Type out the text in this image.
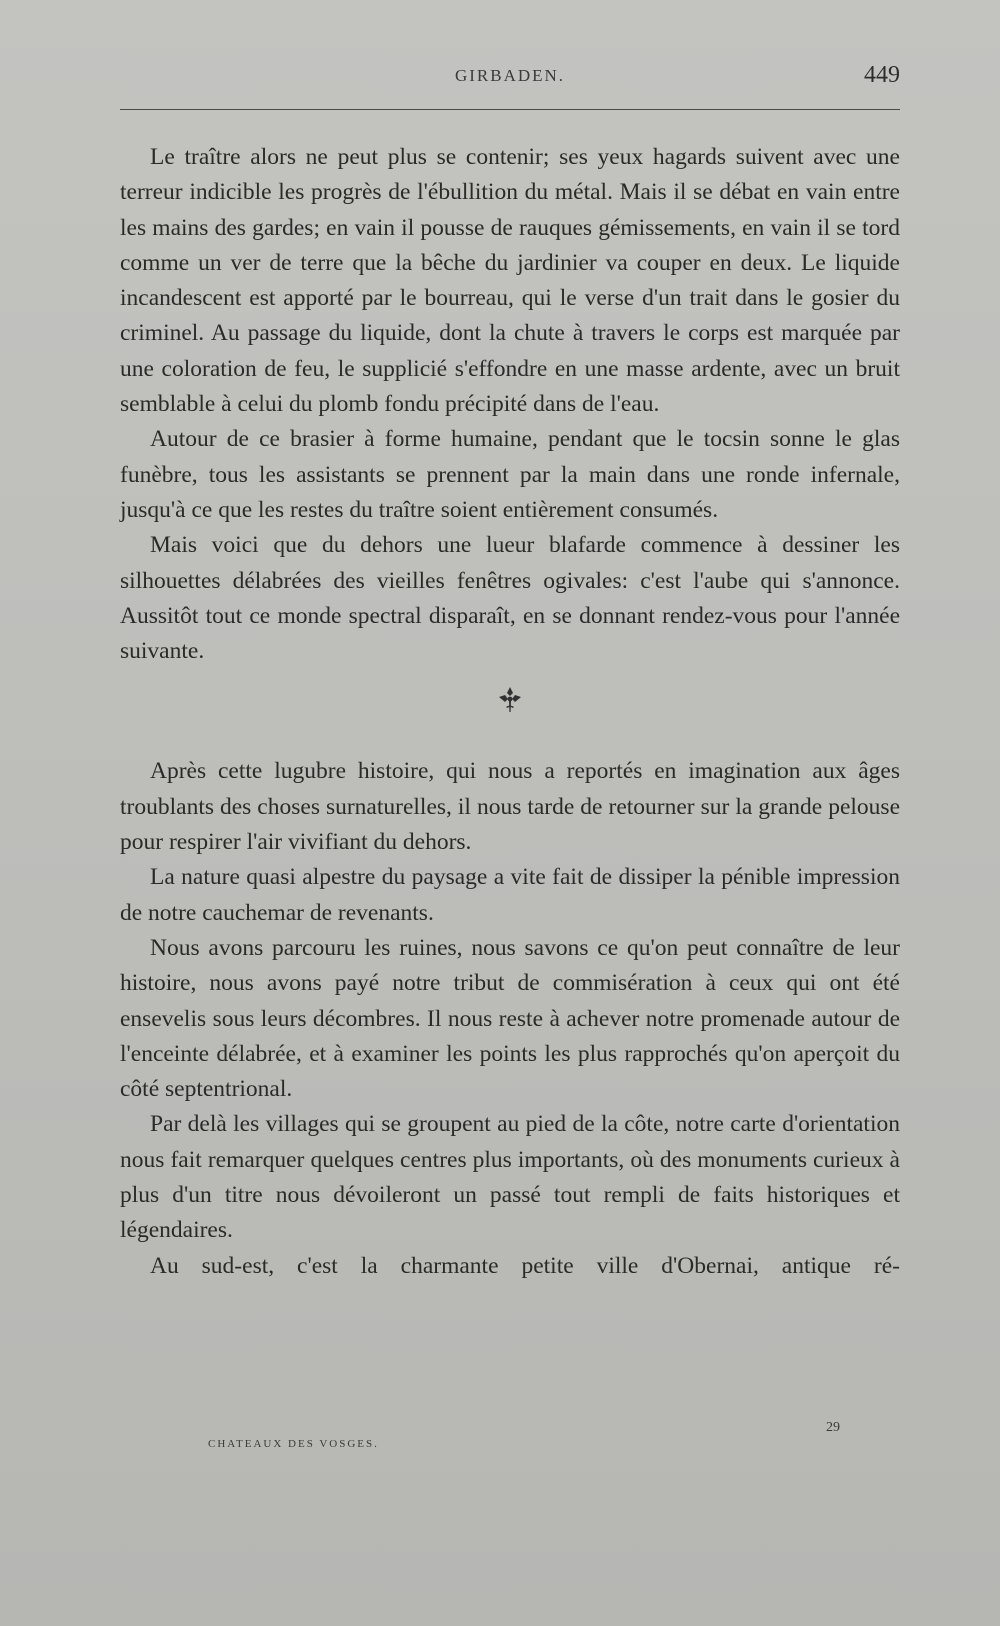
GIRBADEN.	449

Le traître alors ne peut plus se contenir; ses yeux hagards suivent avec une terreur indicible les progrès de l'ébullition du métal. Mais il se débat en vain entre les mains des gardes; en vain il pousse de rauques gémissements, en vain il se tord comme un ver de terre que la bêche du jardinier va couper en deux. Le liquide incandescent est apporté par le bourreau, qui le verse d'un trait dans le gosier du criminel. Au passage du liquide, dont la chute à travers le corps est marquée par une coloration de feu, le supplicié s'effondre en une masse ardente, avec un bruit semblable à celui du plomb fondu précipité dans de l'eau.

Autour de ce brasier à forme humaine, pendant que le tocsin sonne le glas funèbre, tous les assistants se prennent par la main dans une ronde infernale, jusqu'à ce que les restes du traître soient entièrement consumés.

Mais voici que du dehors une lueur blafarde commence à dessiner les silhouettes délabrées des vieilles fenêtres ogivales: c'est l'aube qui s'annonce. Aussitôt tout ce monde spectral disparaît, en se donnant rendez-vous pour l'année suivante.

Après cette lugubre histoire, qui nous a reportés en imagination aux âges troublants des choses surnaturelles, il nous tarde de retourner sur la grande pelouse pour respirer l'air vivifiant du dehors.

La nature quasi alpestre du paysage a vite fait de dissiper la pénible impression de notre cauchemar de revenants.

Nous avons parcouru les ruines, nous savons ce qu'on peut connaître de leur histoire, nous avons payé notre tribut de commisération à ceux qui ont été ensevelis sous leurs décombres. Il nous reste à achever notre promenade autour de l'enceinte délabrée, et à examiner les points les plus rapprochés qu'on aperçoit du côté septentrional.

Par delà les villages qui se groupent au pied de la côte, notre carte d'orientation nous fait remarquer quelques centres plus importants, où des monuments curieux à plus d'un titre nous dévoileront un passé tout rempli de faits historiques et légendaires.

Au sud-est, c'est la charmante petite ville d'Obernai, antique ré-

29
CHATEAUX DES VOSGES.
